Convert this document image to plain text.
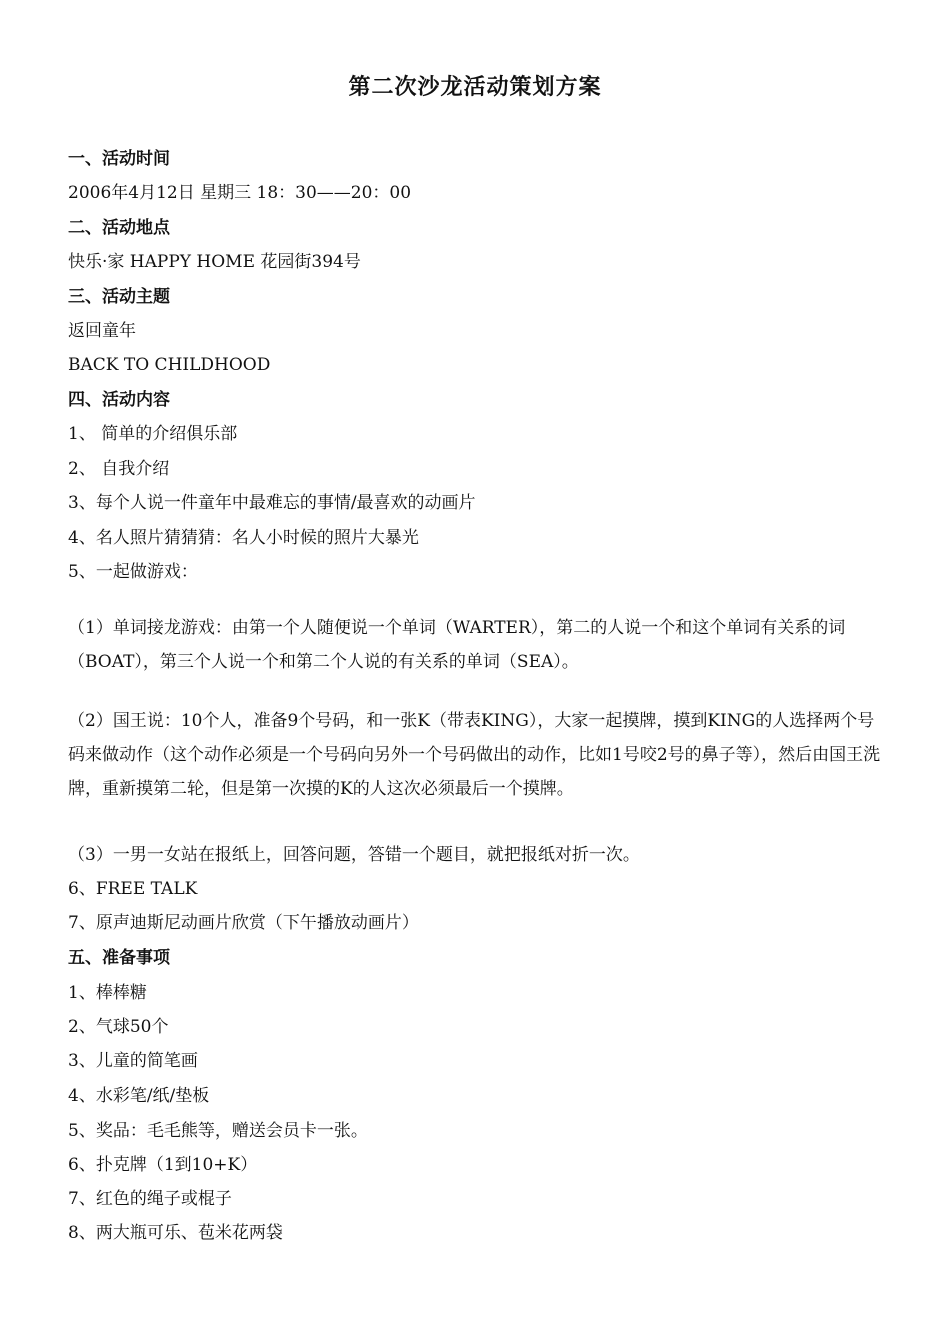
第二次沙龙活动策划方案
一、活动时间
2006年4月12日 星期三 18：30——20：00
二、活动地点
快乐·家 HAPPY HOME 花园街394号
三、活动主题
返回童年
BACK TO CHILDHOOD
四、活动内容
1、 简单的介绍俱乐部
2、 自我介绍
3、每个人说一件童年中最难忘的事情/最喜欢的动画片
4、名人照片猜猜猜：名人小时候的照片大暴光
5、一起做游戏：
（1）单词接龙游戏：由第一个人随便说一个单词（WARTER），第二的人说一个和这个单词有关系的词（BOAT），第三个人说一个和第二个人说的有关系的单词（SEA）。
（2）国王说：10个人，准备9个号码，和一张K（带表KING），大家一起摸牌，摸到KING的人选择两个号码来做动作（这个动作必须是一个号码向另外一个号码做出的动作，比如1号咬2号的鼻子等），然后由国王洗牌，重新摸第二轮，但是第一次摸的K的人这次必须最后一个摸牌。
（3）一男一女站在报纸上，回答问题，答错一个题目，就把报纸对折一次。
6、FREE TALK
7、原声迪斯尼动画片欣赏（下午播放动画片）
五、准备事项
1、棒棒糖
2、气球50个
3、儿童的简笔画
4、水彩笔/纸/垫板
5、奖品：毛毛熊等，赠送会员卡一张。
6、扑克牌（1到10+K）
7、红色的绳子或棍子
8、两大瓶可乐、苞米花两袋
